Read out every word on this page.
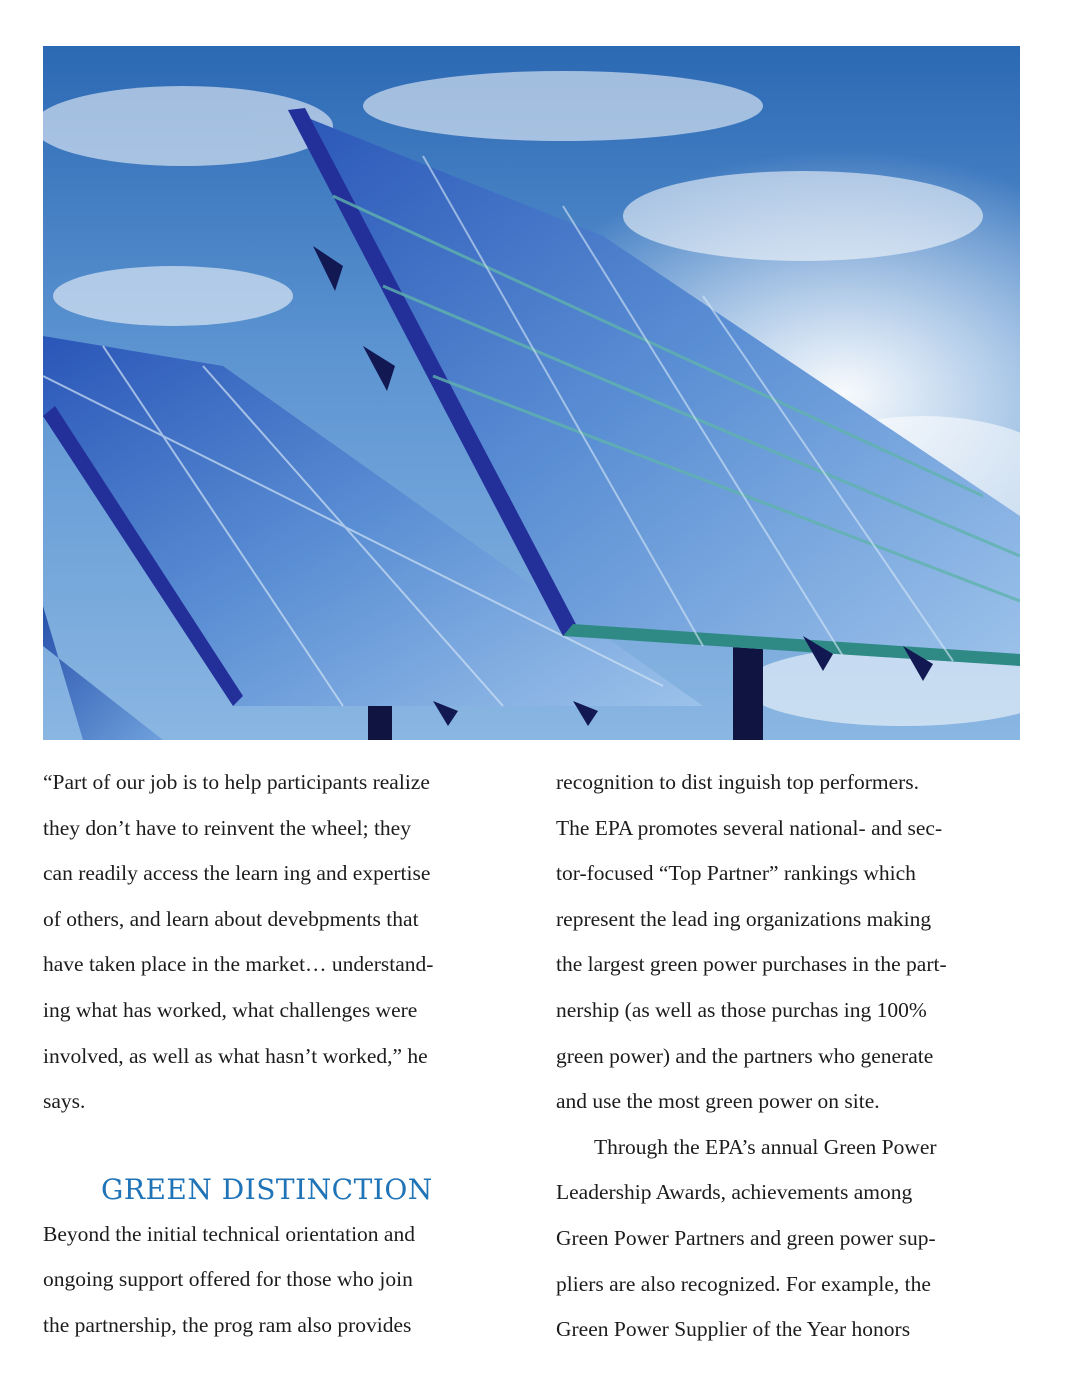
“Part of our job is to help participants realize
they don’t have to reinvent the wheel; they
can readily access the learn ing and expertise
of others, and learn about devebpments that
have taken place in the market… understand-
ing what has worked, what challenges were
involved, as well as what hasn’t worked,” he
says.

GREEN DISTINCTION

Beyond the initial technical orientation and
ongoing support offered for those who join
the partnership, the prog ram also provides

recognition to dist inguish top performers.
The EPA promotes several national- and sec-
tor-focused “Top Partner” rankings which
represent the lead ing organizations making
the largest green power purchases in the part-
nership (as well as those purchas ing 100%
green power) and the partners who generate
and use the most green power on site.

Through the EPA’s annual Green Power
Leadership Awards, achievements among
Green Power Partners and green power sup-
pliers are also recognized. For example, the
Green Power Supplier of the Year honors
